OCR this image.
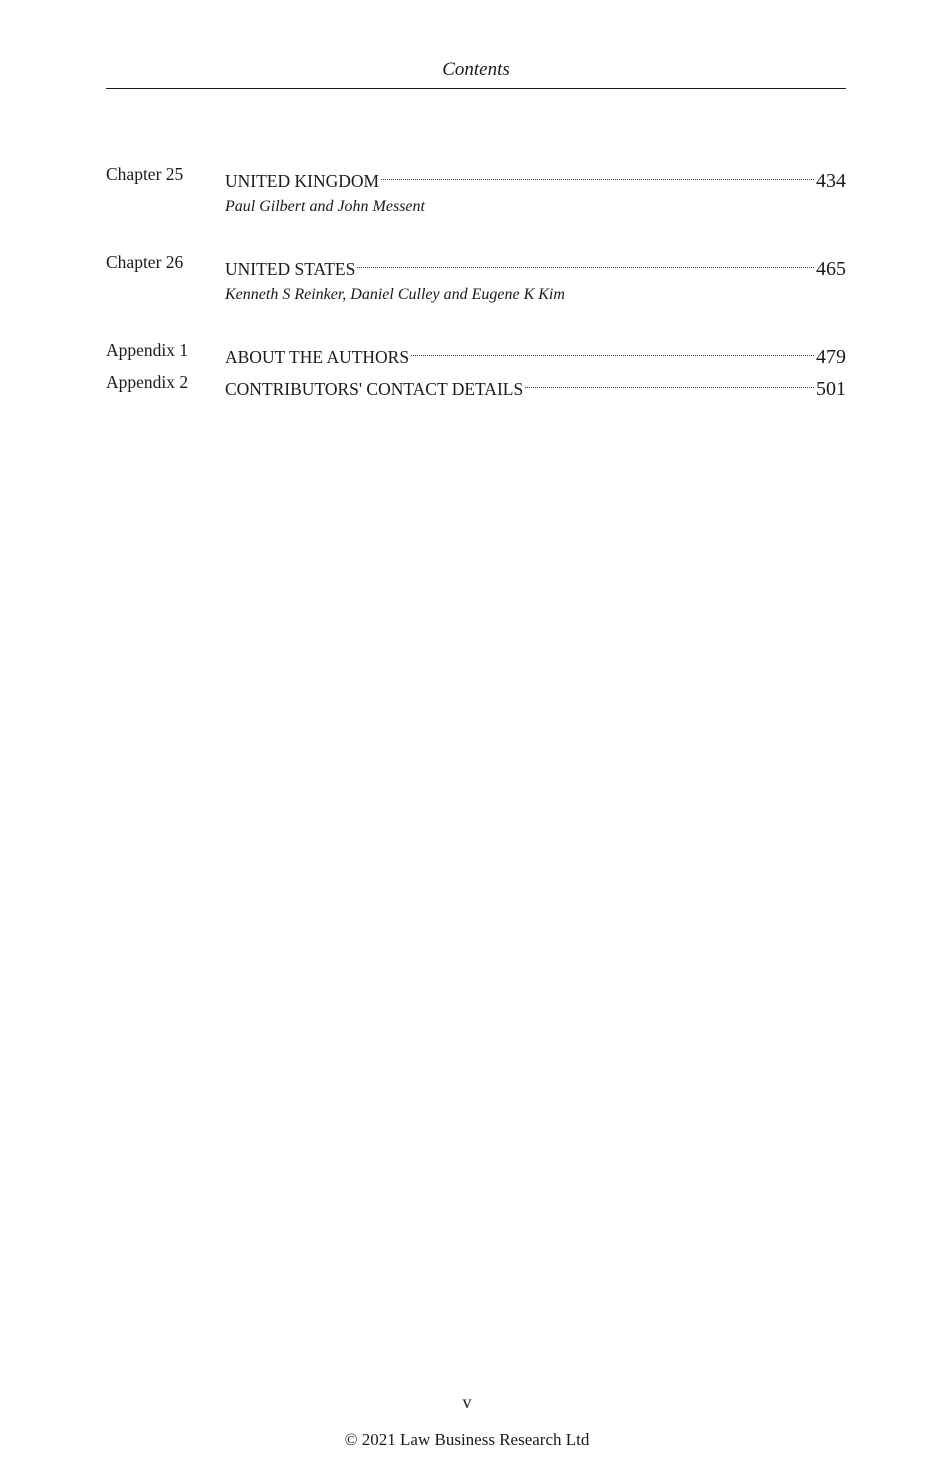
Contents
Chapter 25 UNITED KINGDOM	434
Paul Gilbert and John Messent
Chapter 26 UNITED STATES	465
Kenneth S Reinker, Daniel Culley and Eugene K Kim
Appendix 1 ABOUT THE AUTHORS	479
Appendix 2 CONTRIBUTORS' CONTACT DETAILS	501
v
© 2021 Law Business Research Ltd
